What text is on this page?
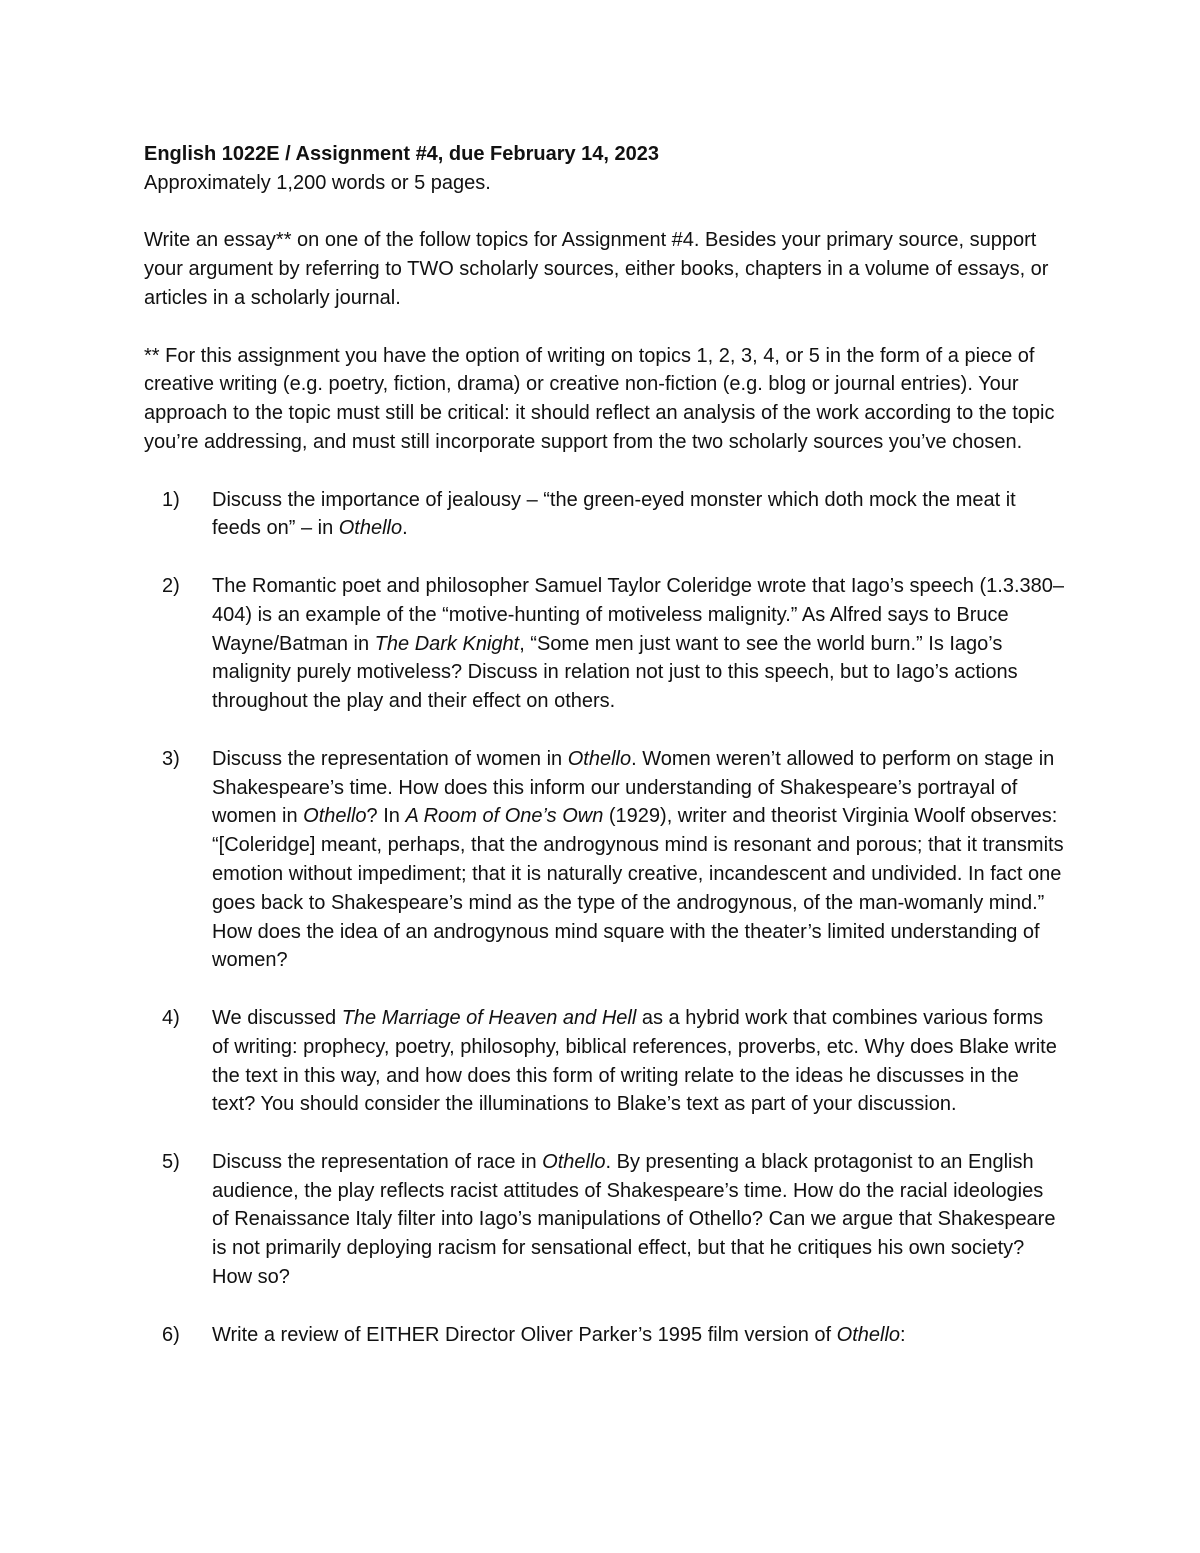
English 1022E / Assignment #4, due February 14, 2023

Approximately 1,200 words or 5 pages.

Write an essay** on one of the follow topics for Assignment #4. Besides your primary source, support your argument by referring to TWO scholarly sources, either books, chapters in a volume of essays, or articles in a scholarly journal.

** For this assignment you have the option of writing on topics 1, 2, 3, 4, or 5 in the form of a piece of creative writing (e.g. poetry, fiction, drama) or creative non-fiction (e.g. blog or journal entries). Your approach to the topic must still be critical: it should reflect an analysis of the work according to the topic you’re addressing, and must still incorporate support from the two scholarly sources you’ve chosen.

1) Discuss the importance of jealousy – “the green-eyed monster which doth mock the meat it feeds on” – in Othello.
2) The Romantic poet and philosopher Samuel Taylor Coleridge wrote that Iago’s speech (1.3.380–404) is an example of the “motive-hunting of motiveless malignity.” As Alfred says to Bruce Wayne/Batman in The Dark Knight, “Some men just want to see the world burn.” Is Iago’s malignity purely motiveless? Discuss in relation not just to this speech, but to Iago’s actions throughout the play and their effect on others.
3) Discuss the representation of women in Othello. Women weren’t allowed to perform on stage in Shakespeare’s time. How does this inform our understanding of Shakespeare’s portrayal of women in Othello? In A Room of One’s Own (1929), writer and theorist Virginia Woolf observes: “[Coleridge] meant, perhaps, that the androgynous mind is resonant and porous; that it transmits emotion without impediment; that it is naturally creative, incandescent and undivided. In fact one goes back to Shakespeare’s mind as the type of the androgynous, of the man-womanly mind.” How does the idea of an androgynous mind square with the theater’s limited understanding of women?
4) We discussed The Marriage of Heaven and Hell as a hybrid work that combines various forms of writing: prophecy, poetry, philosophy, biblical references, proverbs, etc. Why does Blake write the text in this way, and how does this form of writing relate to the ideas he discusses in the text? You should consider the illuminations to Blake’s text as part of your discussion.
5) Discuss the representation of race in Othello. By presenting a black protagonist to an English audience, the play reflects racist attitudes of Shakespeare’s time. How do the racial ideologies of Renaissance Italy filter into Iago’s manipulations of Othello? Can we argue that Shakespeare is not primarily deploying racism for sensational effect, but that he critiques his own society? How so?
6) Write a review of EITHER Director Oliver Parker’s 1995 film version of Othello:
